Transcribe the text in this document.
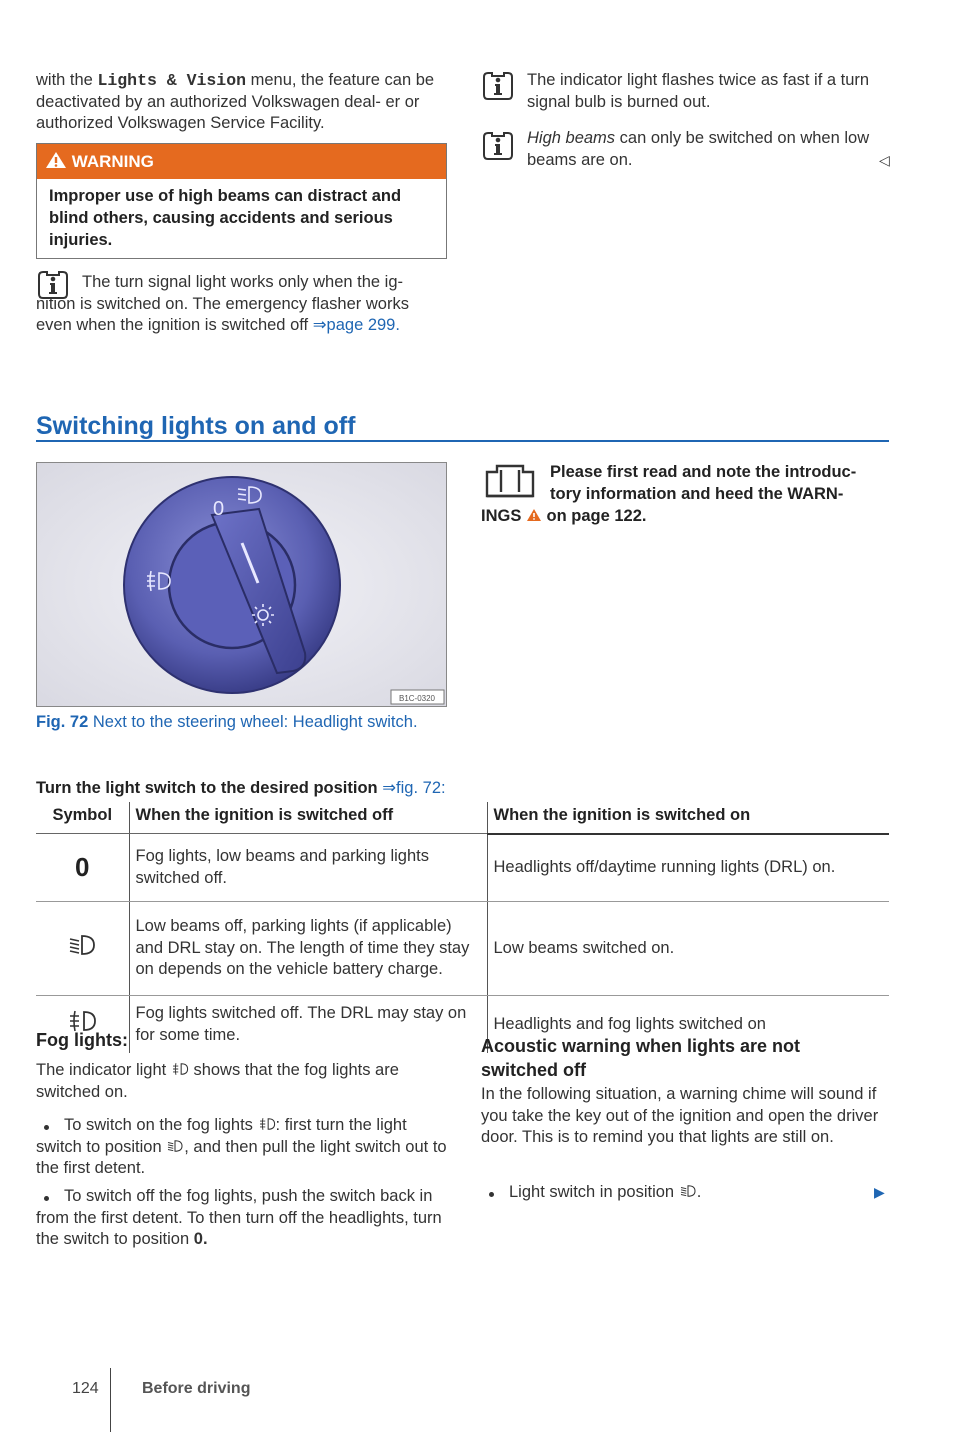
with the Lights & Vision menu, the feature can be deactivated by an authorized Volkswagen deal- er or authorized Volkswagen Service Facility.
WARNING
Improper use of high beams can distract and blind others, causing accidents and serious injuries.
The turn signal light works only when the ig- nition is switched on. The emergency flasher works even when the ignition is switched off ⇒page 299.
The indicator light flashes twice as fast if a turn signal bulb is burned out.
High beams can only be switched on when low beams are on.	◁
Switching lights on and off
0
B1C-0320
Fig. 72 Next to the steering wheel: Headlight switch.
Please first read and note the introduc-
tory information and heed the WARN-
INGS on page 122.
Turn the light switch to the desired position ⇒fig. 72:
Symbol	When the ignition is switched off	When the ignition is switched on
0	Fog lights, low beams and parking lights switched off.	Headlights off/daytime running lights (DRL) on.
	Low beams off, parking lights (if applicable) and DRL stay on. The length of time they stay on depends on the vehicle battery charge.	Low beams switched on.
	Fog lights switched off. The DRL may stay on for some time.	Headlights and fog lights switched on
Fog lights:
The indicator light shows that the fog lights are switched on.
To switch on the fog lights : first turn the light switch to position , and then pull the light switch out to the first detent.
To switch off the fog lights, push the switch back in from the first detent. To then turn off the headlights, turn the switch to position 0.
Acoustic warning when lights are not switched off
In the following situation, a warning chime will sound if you take the key out of the ignition and open the driver door. This is to remind you that lights are still on.
Light switch in position .	▶
124	Before driving
